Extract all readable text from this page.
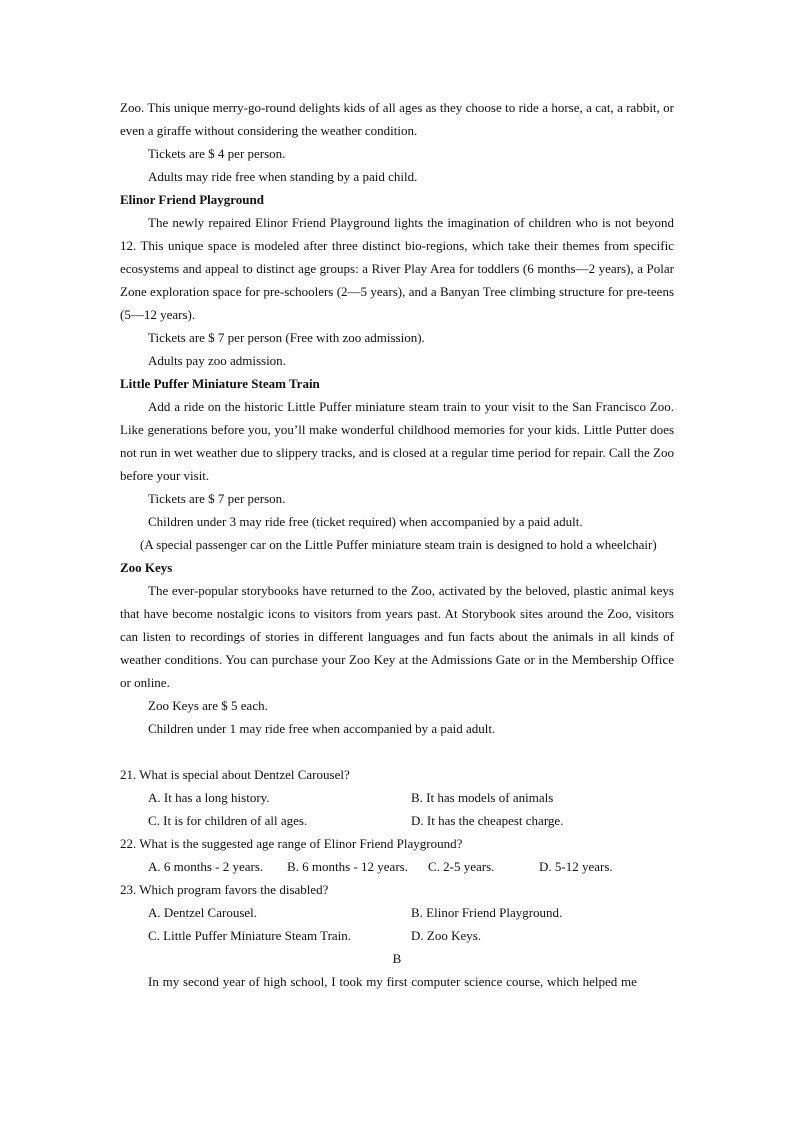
Zoo. This unique merry-go-round delights kids of all ages as they choose to ride a horse, a cat, a rabbit, or even a giraffe without considering the weather condition.

Tickets are $ 4 per person.

Adults may ride free when standing by a paid child.

Elinor Friend Playground

The newly repaired Elinor Friend Playground lights the imagination of children who is not beyond 12. This unique space is modeled after three distinct bio-regions, which take their themes from specific ecosystems and appeal to distinct age groups: a River Play Area for toddlers (6 months—2 years), a Polar Zone exploration space for pre-schoolers (2—5 years), and a Banyan Tree climbing structure for pre-teens (5—12 years).

Tickets are $ 7 per person (Free with zoo admission).

Adults pay zoo admission.

Little Puffer Miniature Steam Train

Add a ride on the historic Little Puffer miniature steam train to your visit to the San Francisco Zoo. Like generations before you, you’ll make wonderful childhood memories for your kids. Little Putter does not run in wet weather due to slippery tracks, and is closed at a regular time period for repair. Call the Zoo before your visit.

Tickets are $ 7 per person.

Children under 3 may ride free (ticket required) when accompanied by a paid adult.

(A special passenger car on the Little Puffer miniature steam train is designed to hold a wheelchair)

Zoo Keys

The ever-popular storybooks have returned to the Zoo, activated by the beloved, plastic animal keys that have become nostalgic icons to visitors from years past. At Storybook sites around the Zoo, visitors can listen to recordings of stories in different languages and fun facts about the animals in all kinds of weather conditions. You can purchase your Zoo Key at the Admissions Gate or in the Membership Office or online.

Zoo Keys are $ 5 each.

Children under 1 may ride free when accompanied by a paid adult.

21. What is special about Dentzel Carousel?

A. It has a long history.	B. It has models of animals
C. It is for children of all ages.	D. It has the cheapest charge.

22. What is the suggested age range of Elinor Friend Playground?

A. 6 months - 2 years.	B. 6 months - 12 years.	C. 2-5 years.	D. 5-12 years.

23. Which program favors the disabled?

A. Dentzel Carousel.	B. Elinor Friend Playground.
C. Little Puffer Miniature Steam Train.	D. Zoo Keys.

B

In my second year of high school, I took my first computer science course, which helped me
